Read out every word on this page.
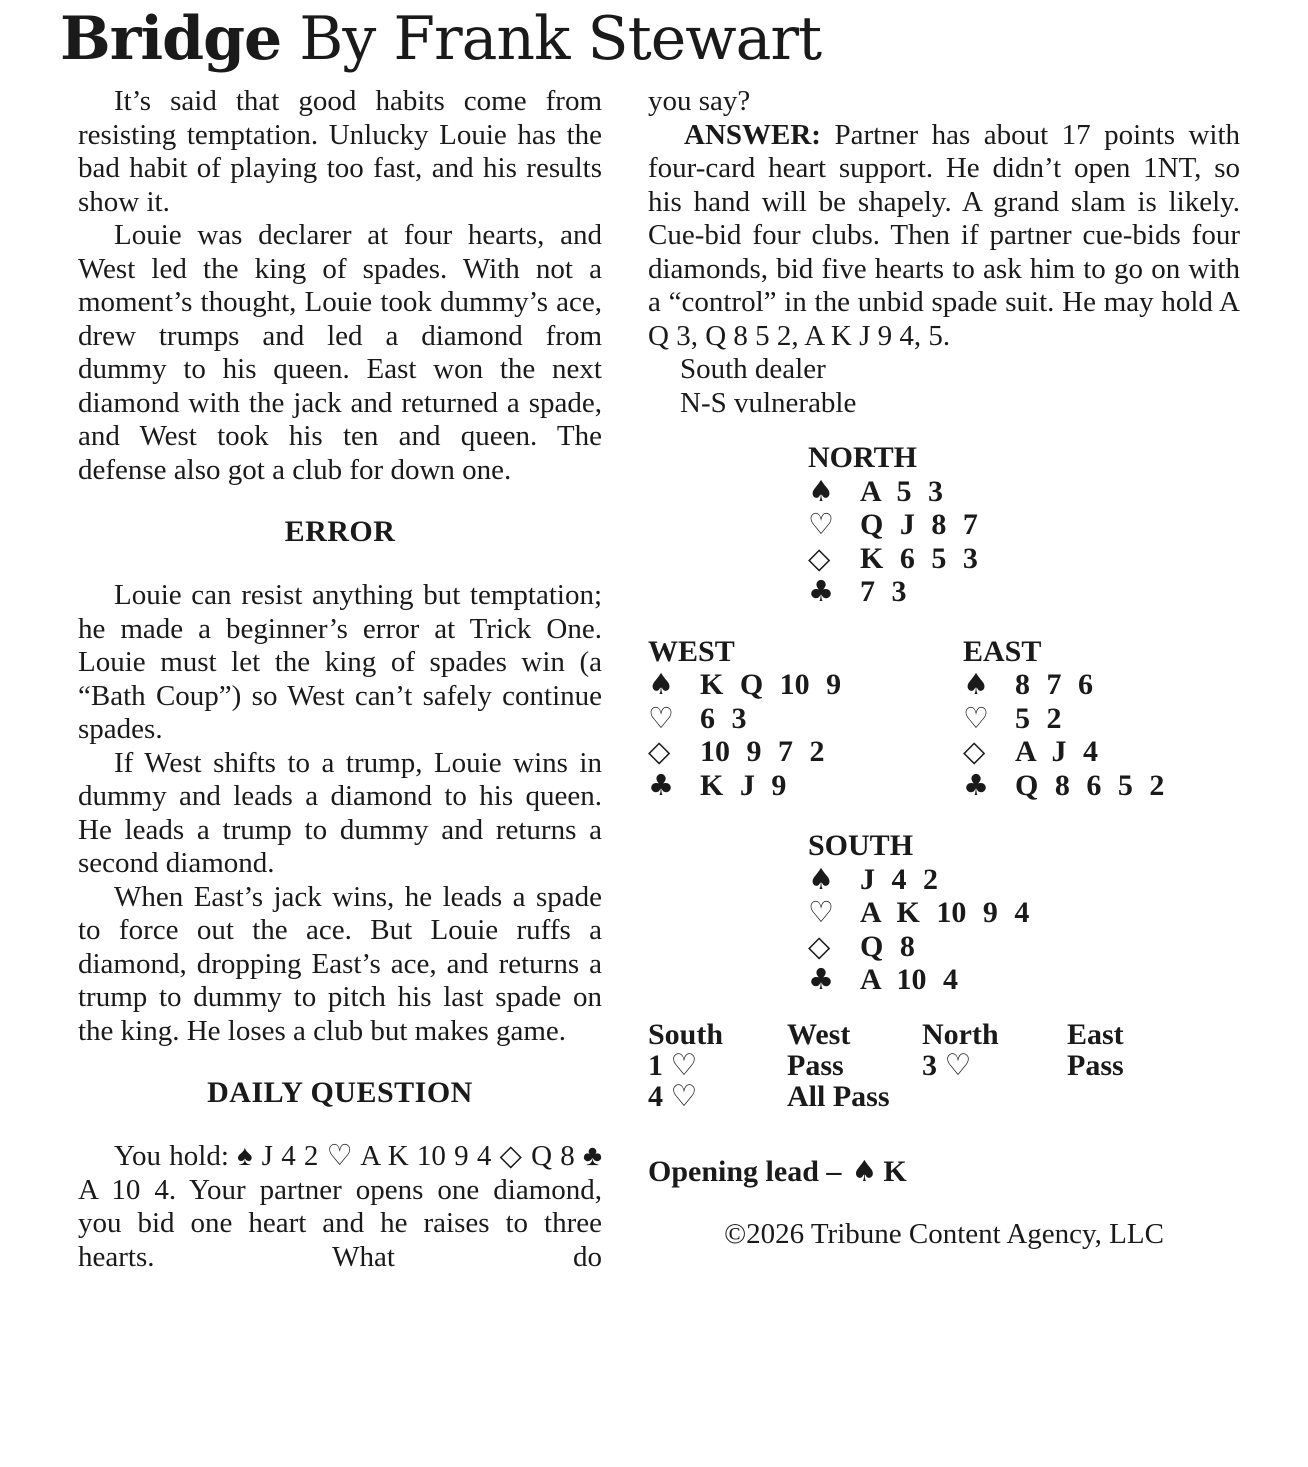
Bridge By Frank Stewart

It’s said that good habits come from resisting temptation. Unlucky Louie has the bad habit of playing too fast, and his results show it.

Louie was declarer at four hearts, and West led the king of spades. With not a moment’s thought, Louie took dummy’s ace, drew trumps and led a diamond from dummy to his queen. East won the next diamond with the jack and returned a spade, and West took his ten and queen. The defense also got a club for down one.

ERROR

Louie can resist anything but temptation; he made a beginner’s error at Trick One. Louie must let the king of spades win (a “Bath Coup”) so West can’t safely continue spades.

If West shifts to a trump, Louie wins in dummy and leads a diamond to his queen. He leads a trump to dummy and returns a second diamond.

When East’s jack wins, he leads a spade to force out the ace. But Louie ruffs a diamond, dropping East’s ace, and returns a trump to dummy to pitch his last spade on the king. He loses a club but makes game.

DAILY QUESTION

You hold: ♠ J 4 2 ♡ A K 10 9 4 ◇ Q 8 ♣ A 10 4. Your partner opens one diamond, you bid one heart and he raises to three hearts. What do

you say?

ANSWER: Partner has about 17 points with four-card heart support. He didn’t open 1NT, so his hand will be shapely. A grand slam is likely. Cue-bid four clubs. Then if partner cue-bids four diamonds, bid five hearts to ask him to go on with a “control” in the unbid spade suit. He may hold A Q 3, Q 8 5 2, A K J 9 4, 5.

South dealer

N-S vulnerable

NORTH
♠ A 5 3
♡ Q J 8 7
◇ K 6 5 3
♣ 7 3
WEST
♠ K Q 10 9
♡ 6 3
◇ 10 9 7 2
♣ K J 9
EAST
♠ 8 7 6
♡ 5 2
◇ A J 4
♣ Q 8 6 5 2
SOUTH
♠ J 4 2
♡ A K 10 9 4
◇ Q 8
♣ A 10 4
South	West	North	East
1 ♡	Pass	3 ♡	Pass
4 ♡	All Pass

Opening lead – ♠ K

©2026 Tribune Content Agency, LLC
